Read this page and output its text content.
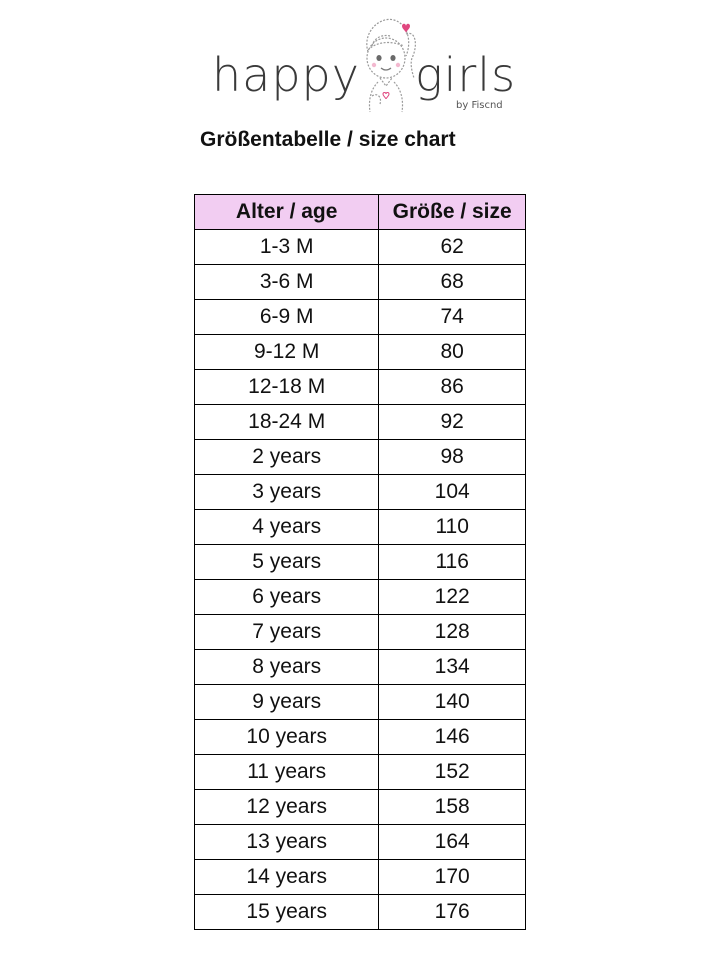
happy girls
by Fiscnd
Größentabelle / size chart
Alter / age	Größe / size
1-3 M	62
3-6 M	68
6-9 M	74
9-12 M	80
12-18 M	86
18-24 M	92
2 years	98
3 years	104
4 years	110
5 years	116
6 years	122
7 years	128
8 years	134
9 years	140
10 years	146
11 years	152
12 years	158
13 years	164
14 years	170
15 years	176
